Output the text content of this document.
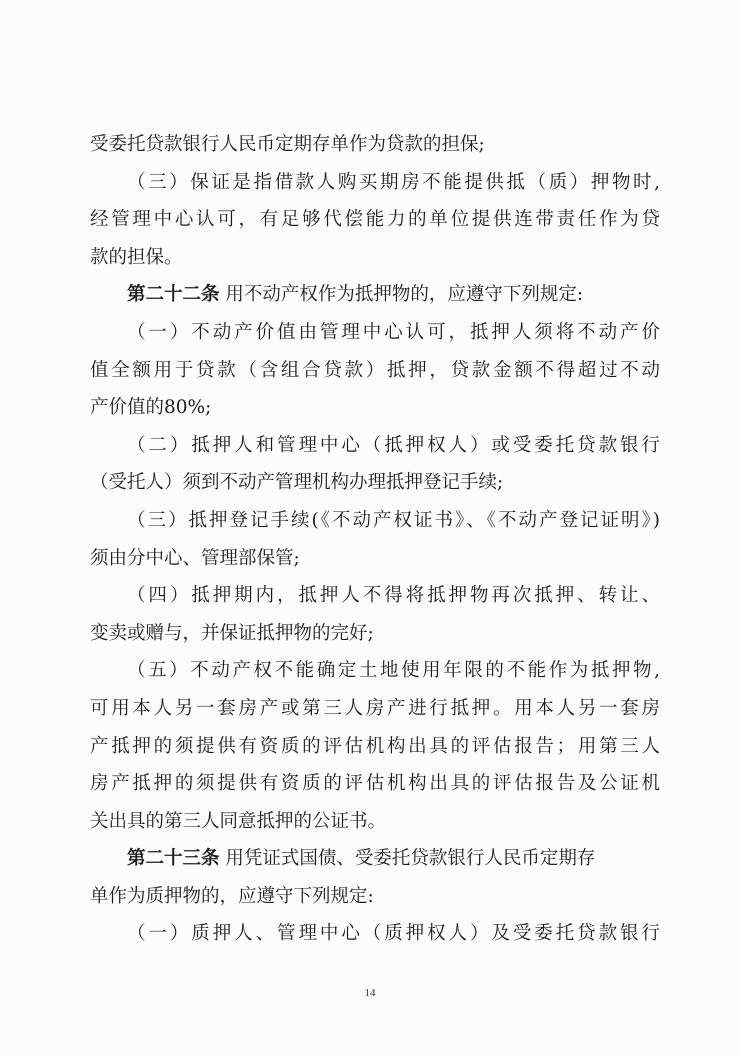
受委托贷款银行人民币定期存单作为贷款的担保;
（三）保证是指借款人购买期房不能提供抵（质）押物时,
经管理中心认可，有足够代偿能力的单位提供连带责任作为贷
款的担保。
第二十二条 用不动产权作为抵押物的，应遵守下列规定:
（一）不动产价值由管理中心认可，抵押人须将不动产价
值全额用于贷款（含组合贷款）抵押，贷款金额不得超过不动
产价值的80%;
（二）抵押人和管理中心（抵押权人）或受委托贷款银行
（受托人）须到不动产管理机构办理抵押登记手续;
（三）抵押登记手续(《不动产权证书》、《不动产登记证明》)
须由分中心、管理部保管;
（四）抵押期内，抵押人不得将抵押物再次抵押、转让、
变卖或赠与，并保证抵押物的完好;
（五）不动产权不能确定土地使用年限的不能作为抵押物,
可用本人另一套房产或第三人房产进行抵押。用本人另一套房
产抵押的须提供有资质的评估机构出具的评估报告；用第三人
房产抵押的须提供有资质的评估机构出具的评估报告及公证机
关出具的第三人同意抵押的公证书。
第二十三条 用凭证式国债、受委托贷款银行人民币定期存
单作为质押物的，应遵守下列规定:
（一）质押人、管理中心（质押权人）及受委托贷款银行
14
